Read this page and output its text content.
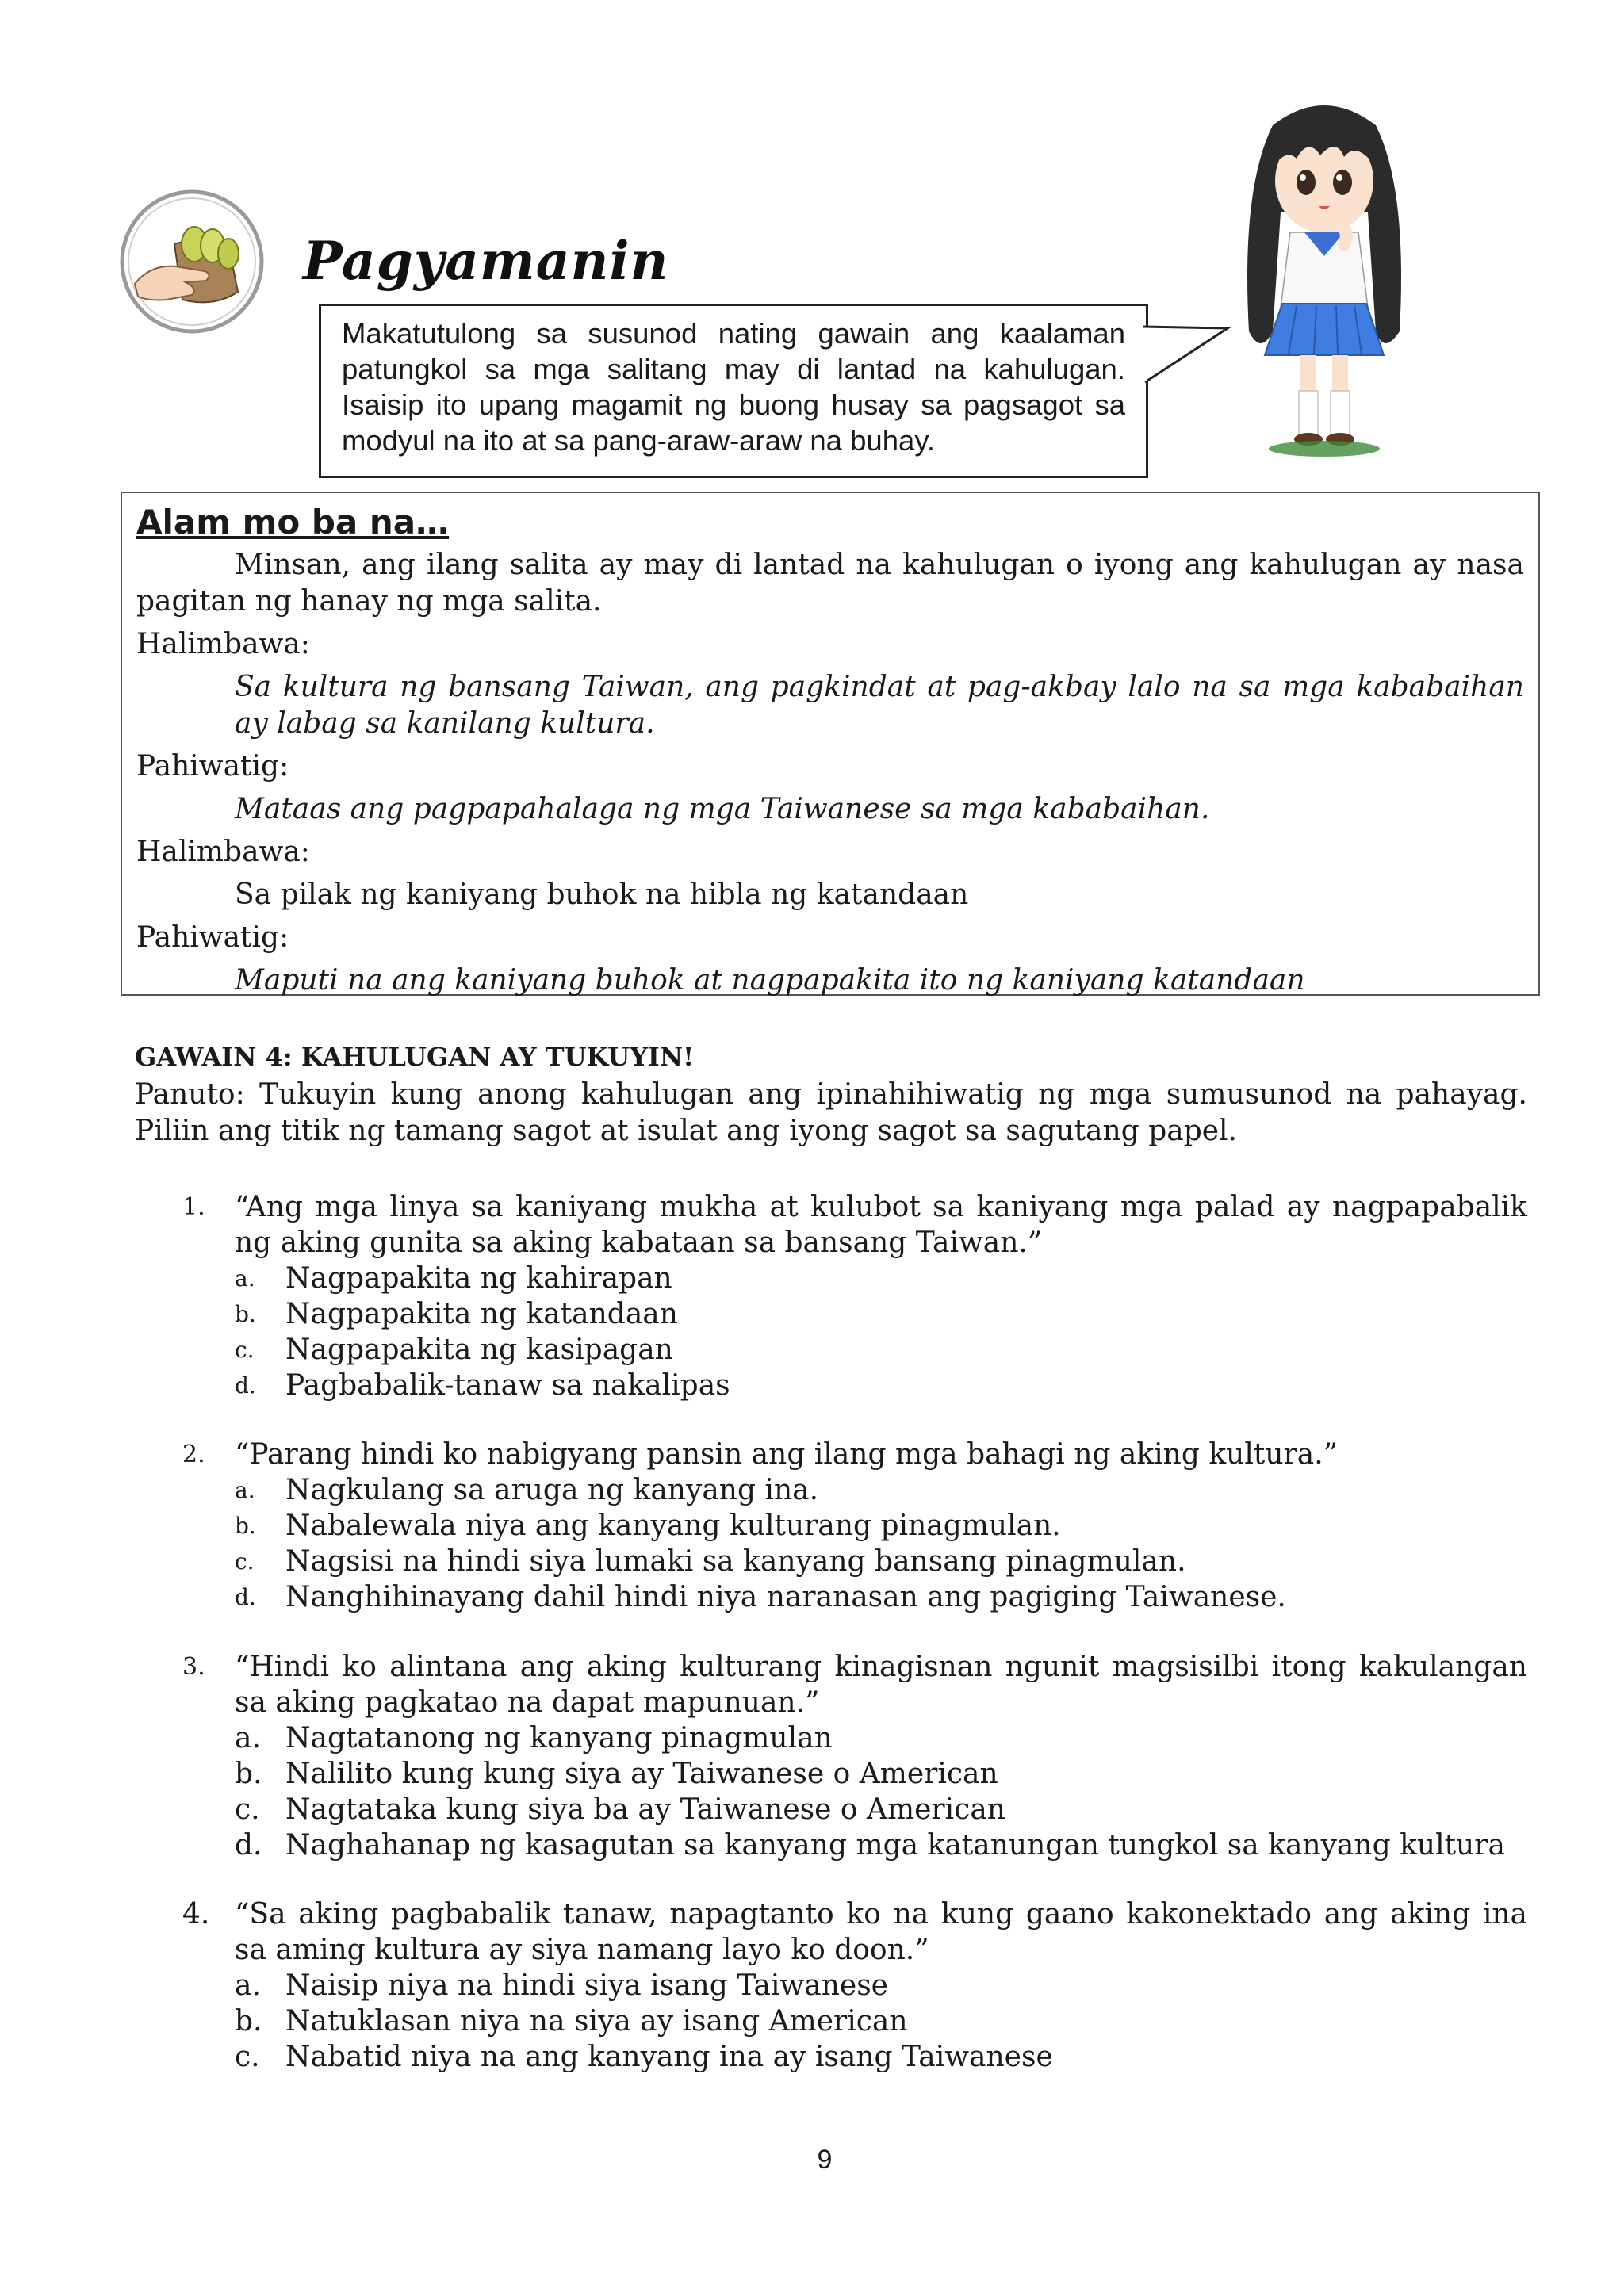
Pagyamanin
Makatutulong sa susunod nating gawain ang kaalaman patungkol sa mga salitang may di lantad na kahulugan. Isaisip ito upang magamit ng buong husay sa pagsagot sa modyul na ito at sa pang-araw-araw na buhay.
Alam mo ba na…

Minsan, ang ilang salita ay may di lantad na kahulugan o iyong ang kahulugan ay nasa pagitan ng hanay ng mga salita.

Halimbawa:

Sa kultura ng bansang Taiwan, ang pagkindat at pag-akbay lalo na sa mga kababaihan ay labag sa kanilang kultura.

Pahiwatig:

Mataas ang pagpapahalaga ng mga Taiwanese sa mga kababaihan.

Halimbawa:

Sa pilak ng kaniyang buhok na hibla ng katandaan

Pahiwatig:

Maputi na ang kaniyang buhok at nagpapakita ito ng kaniyang katandaan

GAWAIN 4: KAHULUGAN AY TUKUYIN!

Panuto: Tukuyin kung anong kahulugan ang ipinahihiwatig ng mga sumusunod na pahayag. Piliin ang titik ng tamang sagot at isulat ang iyong sagot sa sagutang papel.

1. “Ang mga linya sa kaniyang mukha at kulubot sa kaniyang mga palad ay nagpapabalik ng aking gunita sa aking kabataan sa bansang Taiwan.”

a. Nagpapakita ng kahirapan
b. Nagpapakita ng katandaan
c. Nagpapakita ng kasipagan
d. Pagbabalik-tanaw sa nakalipas
2. “Parang hindi ko nabigyang pansin ang ilang mga bahagi ng aking kultura.”

a. Nagkulang sa aruga ng kanyang ina.
b. Nabalewala niya ang kanyang kulturang pinagmulan.
c. Nagsisi na hindi siya lumaki sa kanyang bansang pinagmulan.
d. Nanghihinayang dahil hindi niya naranasan ang pagiging Taiwanese.
3. “Hindi ko alintana ang aking kulturang kinagisnan ngunit magsisilbi itong kakulangan sa aking pagkatao na dapat mapunuan.”

a. Nagtatanong ng kanyang pinagmulan
b. Nalilito kung kung siya ay Taiwanese o American
c. Nagtataka kung siya ba ay Taiwanese o American
d. Naghahanap ng kasagutan sa kanyang mga katanungan tungkol sa kanyang kultura
4. “Sa aking pagbabalik tanaw, napagtanto ko na kung gaano kakonektado ang aking ina sa aming kultura ay siya namang layo ko doon.”

a. Naisip niya na hindi siya isang Taiwanese
b. Natuklasan niya na siya ay isang American
c. Nabatid niya na ang kanyang ina ay isang Taiwanese
9
